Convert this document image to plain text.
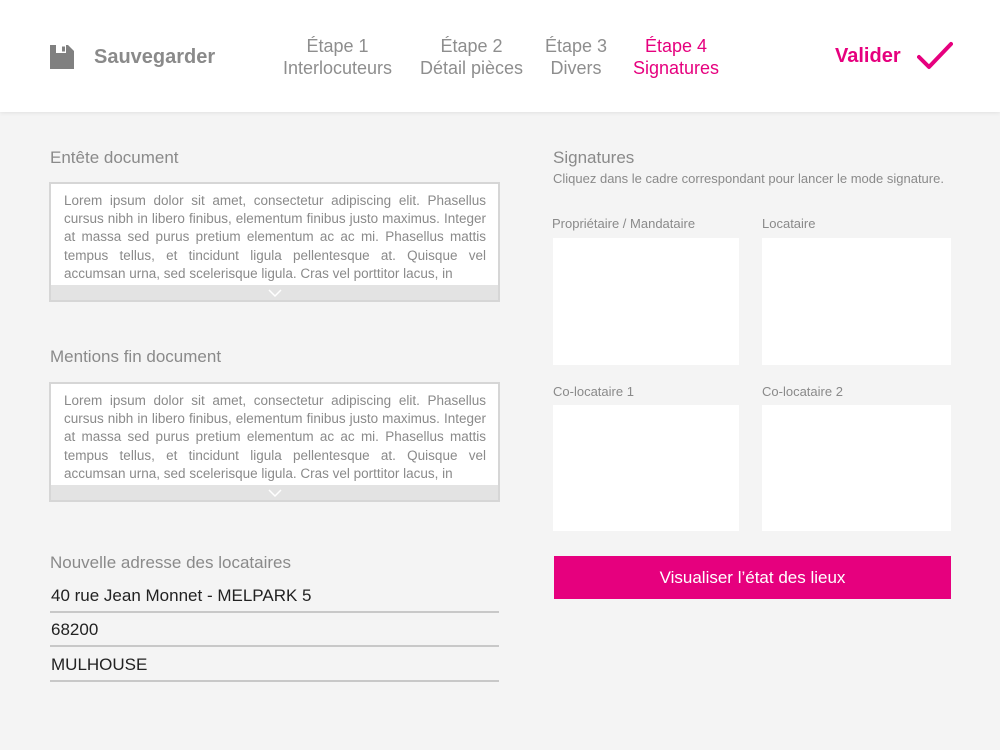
Sauvegarder	Étape 1
Interlocuteurs
Étape 2
Détail pièces
Étape 3
Divers
Étape 4
Signatures
Valider
Entête document
Lorem ipsum dolor sit amet, consectetur adipiscing elit. Phasellus cursus nibh in libero finibus, elementum finibus justo maximus. Integer at massa sed purus pretium elementum ac ac mi. Phasellus mattis tempus tellus, et tincidunt ligula pellentesque at. Quisque vel accumsan urna, sed scelerisque ligula. Cras vel porttitor lacus, in
Mentions fin document
Lorem ipsum dolor sit amet, consectetur adipiscing elit. Phasellus cursus nibh in libero finibus, elementum finibus justo maximus. Integer at massa sed purus pretium elementum ac ac mi. Phasellus mattis tempus tellus, et tincidunt ligula pellentesque at. Quisque vel accumsan urna, sed scelerisque ligula. Cras vel porttitor lacus, in
Nouvelle adresse des locataires
40 rue Jean Monnet - MELPARK 5
68200
MULHOUSE
Signatures
Cliquez dans le cadre correspondant pour lancer le mode signature.
Propriétaire / Mandataire	Locataire
Co-locataire 1	Co-locataire 2
Visualiser l’état des lieux
